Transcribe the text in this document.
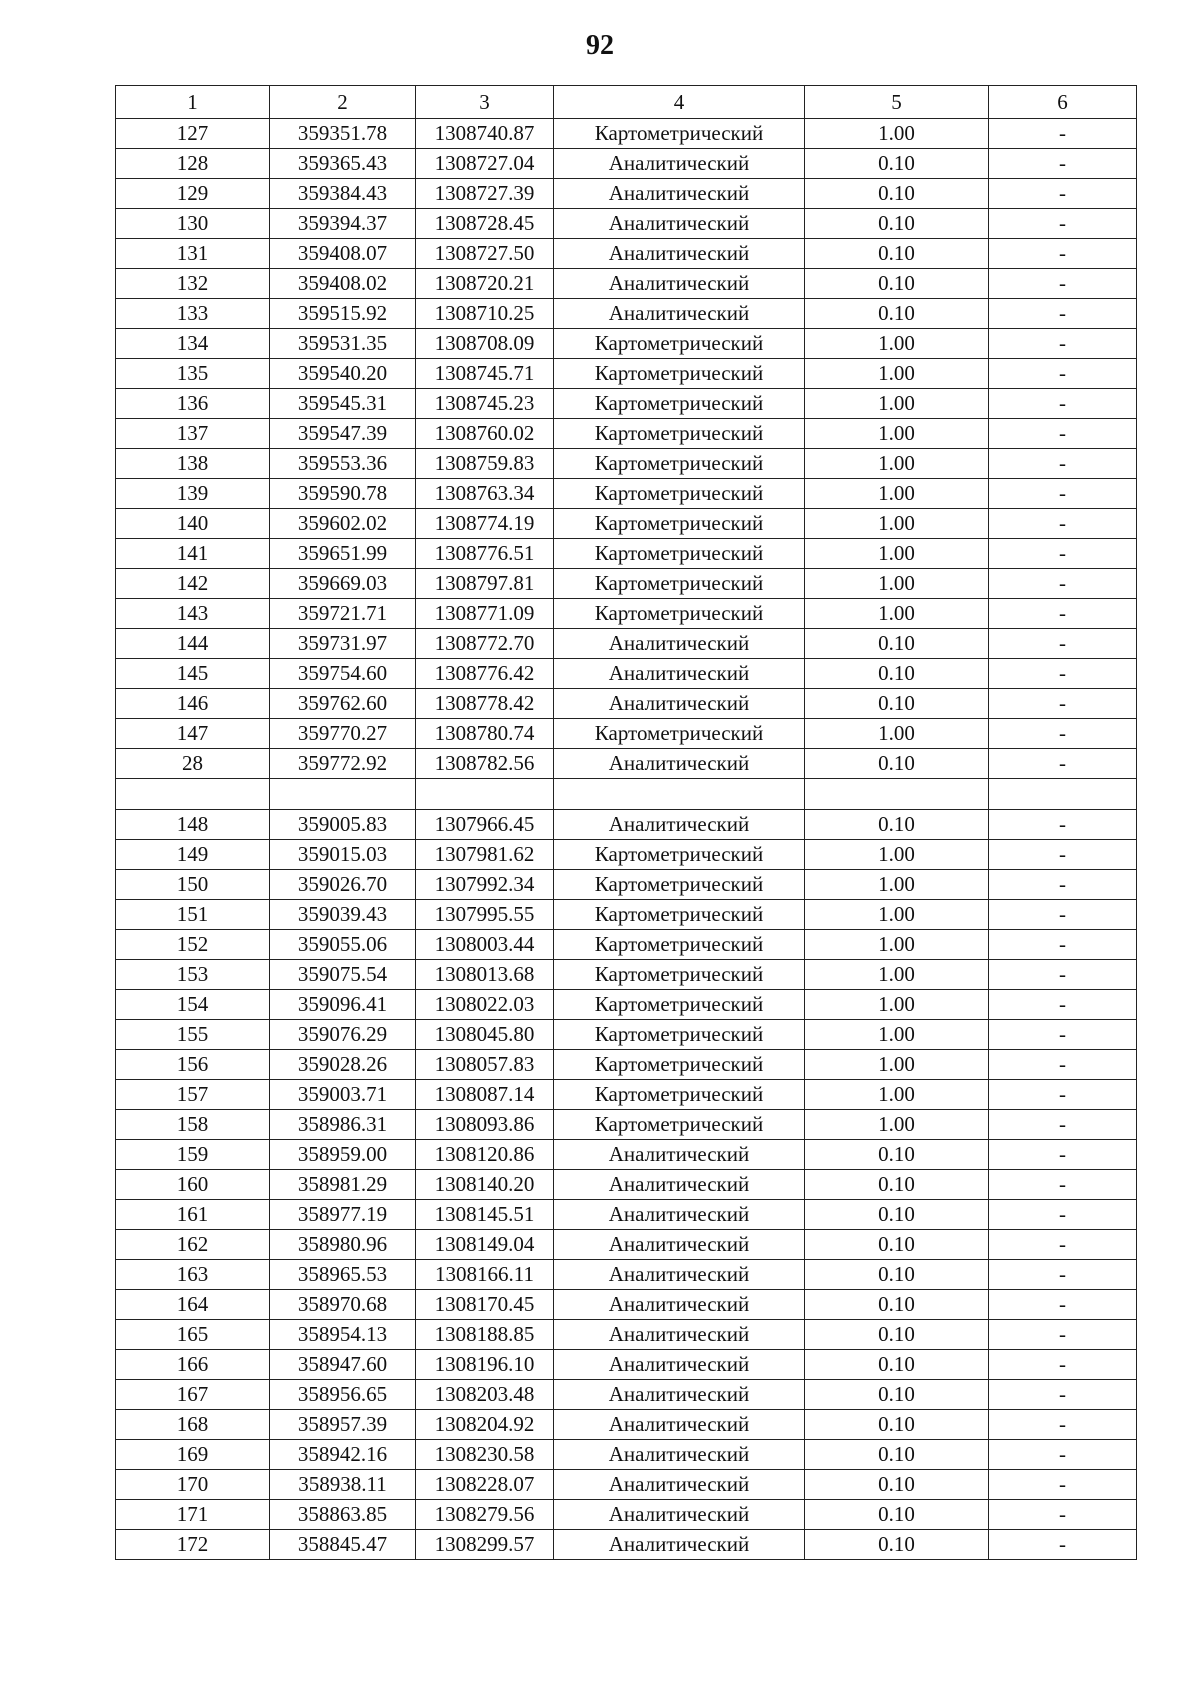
92
1	2	3	4	5	6
127	359351.78	1308740.87	Картометрический	1.00	-
128	359365.43	1308727.04	Аналитический	0.10	-
129	359384.43	1308727.39	Аналитический	0.10	-
130	359394.37	1308728.45	Аналитический	0.10	-
131	359408.07	1308727.50	Аналитический	0.10	-
132	359408.02	1308720.21	Аналитический	0.10	-
133	359515.92	1308710.25	Аналитический	0.10	-
134	359531.35	1308708.09	Картометрический	1.00	-
135	359540.20	1308745.71	Картометрический	1.00	-
136	359545.31	1308745.23	Картометрический	1.00	-
137	359547.39	1308760.02	Картометрический	1.00	-
138	359553.36	1308759.83	Картометрический	1.00	-
139	359590.78	1308763.34	Картометрический	1.00	-
140	359602.02	1308774.19	Картометрический	1.00	-
141	359651.99	1308776.51	Картометрический	1.00	-
142	359669.03	1308797.81	Картометрический	1.00	-
143	359721.71	1308771.09	Картометрический	1.00	-
144	359731.97	1308772.70	Аналитический	0.10	-
145	359754.60	1308776.42	Аналитический	0.10	-
146	359762.60	1308778.42	Аналитический	0.10	-
147	359770.27	1308780.74	Картометрический	1.00	-
28	359772.92	1308782.56	Аналитический	0.10	-

148	359005.83	1307966.45	Аналитический	0.10	-
149	359015.03	1307981.62	Картометрический	1.00	-
150	359026.70	1307992.34	Картометрический	1.00	-
151	359039.43	1307995.55	Картометрический	1.00	-
152	359055.06	1308003.44	Картометрический	1.00	-
153	359075.54	1308013.68	Картометрический	1.00	-
154	359096.41	1308022.03	Картометрический	1.00	-
155	359076.29	1308045.80	Картометрический	1.00	-
156	359028.26	1308057.83	Картометрический	1.00	-
157	359003.71	1308087.14	Картометрический	1.00	-
158	358986.31	1308093.86	Картометрический	1.00	-
159	358959.00	1308120.86	Аналитический	0.10	-
160	358981.29	1308140.20	Аналитический	0.10	-
161	358977.19	1308145.51	Аналитический	0.10	-
162	358980.96	1308149.04	Аналитический	0.10	-
163	358965.53	1308166.11	Аналитический	0.10	-
164	358970.68	1308170.45	Аналитический	0.10	-
165	358954.13	1308188.85	Аналитический	0.10	-
166	358947.60	1308196.10	Аналитический	0.10	-
167	358956.65	1308203.48	Аналитический	0.10	-
168	358957.39	1308204.92	Аналитический	0.10	-
169	358942.16	1308230.58	Аналитический	0.10	-
170	358938.11	1308228.07	Аналитический	0.10	-
171	358863.85	1308279.56	Аналитический	0.10	-
172	358845.47	1308299.57	Аналитический	0.10	-
